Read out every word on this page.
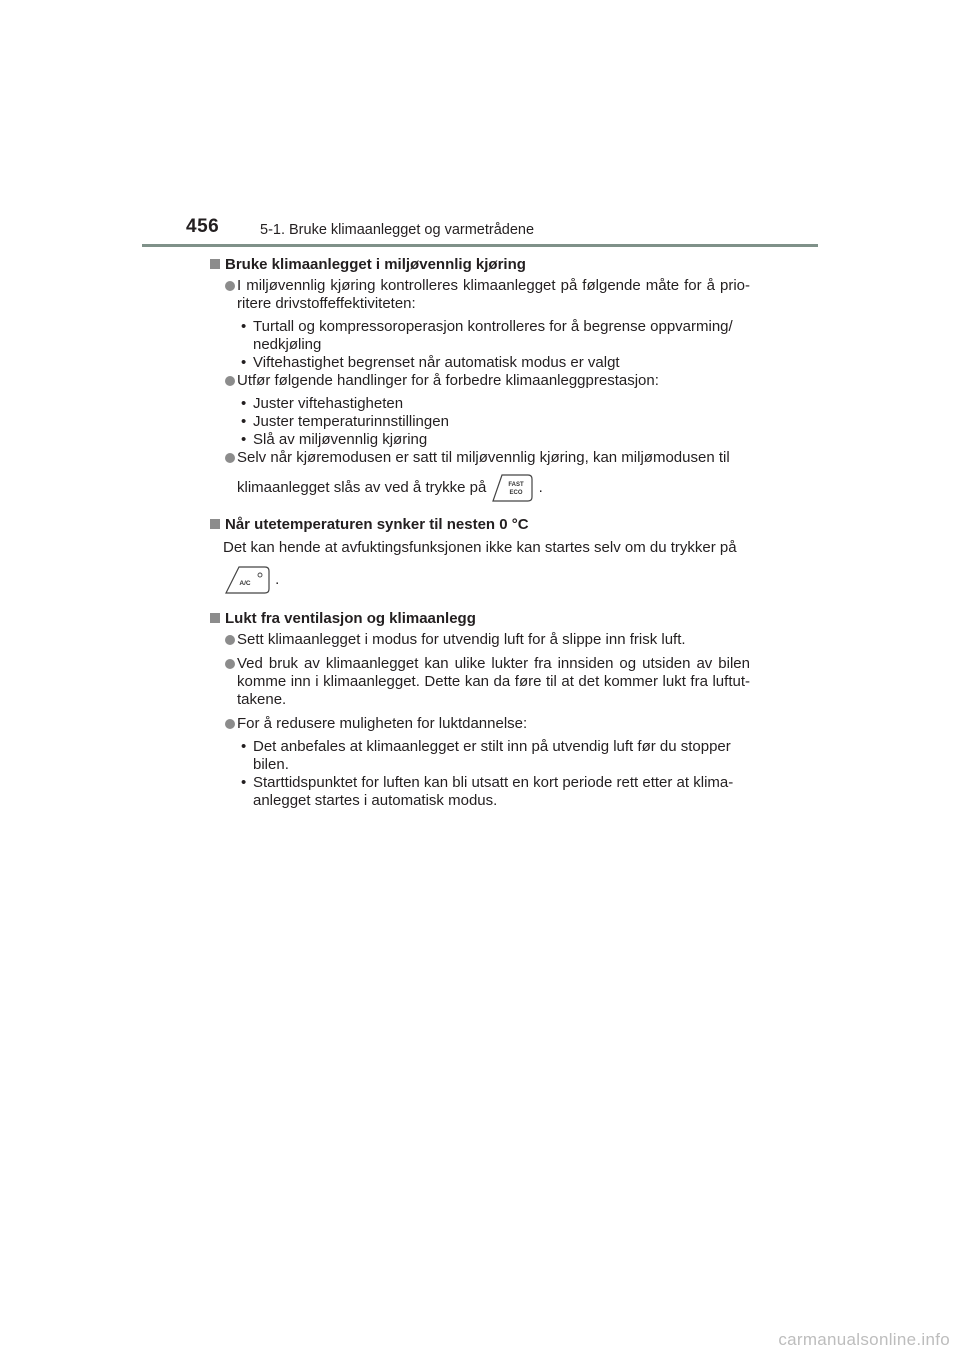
456	5-1. Bruke klimaanlegget og varmetrådene
Bruke klimaanlegget i miljøvennlig kjøring
I miljøvennlig kjøring kontrolleres klimaanlegget på følgende måte for å prio-ritere drivstoffeffektiviteten:
• Turtall og kompressoroperasjon kontrolleres for å begrense oppvarming/ nedkjøling
• Viftehastighet begrenset når automatisk modus er valgt
Utfør følgende handlinger for å forbedre klimaanleggprestasjon:
• Juster viftehastigheten
• Juster temperaturinnstillingen
• Slå av miljøvennlig kjøring
Selv når kjøremodusen er satt til miljøvennlig kjøring, kan miljømodusen til
klimaanlegget slås av ved å trykke på	FAST
ECO .
Når utetemperaturen synker til nesten 0 °C
Det kan hende at avfuktingsfunksjonen ikke kan startes selv om du trykker på
A/C .
Lukt fra ventilasjon og klimaanlegg
Sett klimaanlegget i modus for utvendig luft for å slippe inn frisk luft.
Ved bruk av klimaanlegget kan ulike lukter fra innsiden og utsiden av bilen komme inn i klimaanlegget. Dette kan da føre til at det kommer lukt fra luftut-takene.
For å redusere muligheten for luktdannelse:
• Det anbefales at klimaanlegget er stilt inn på utvendig luft før du stopper bilen.
• Starttidspunktet for luften kan bli utsatt en kort periode rett etter at klima-anlegget startes i automatisk modus.
carmanualsonline.info
